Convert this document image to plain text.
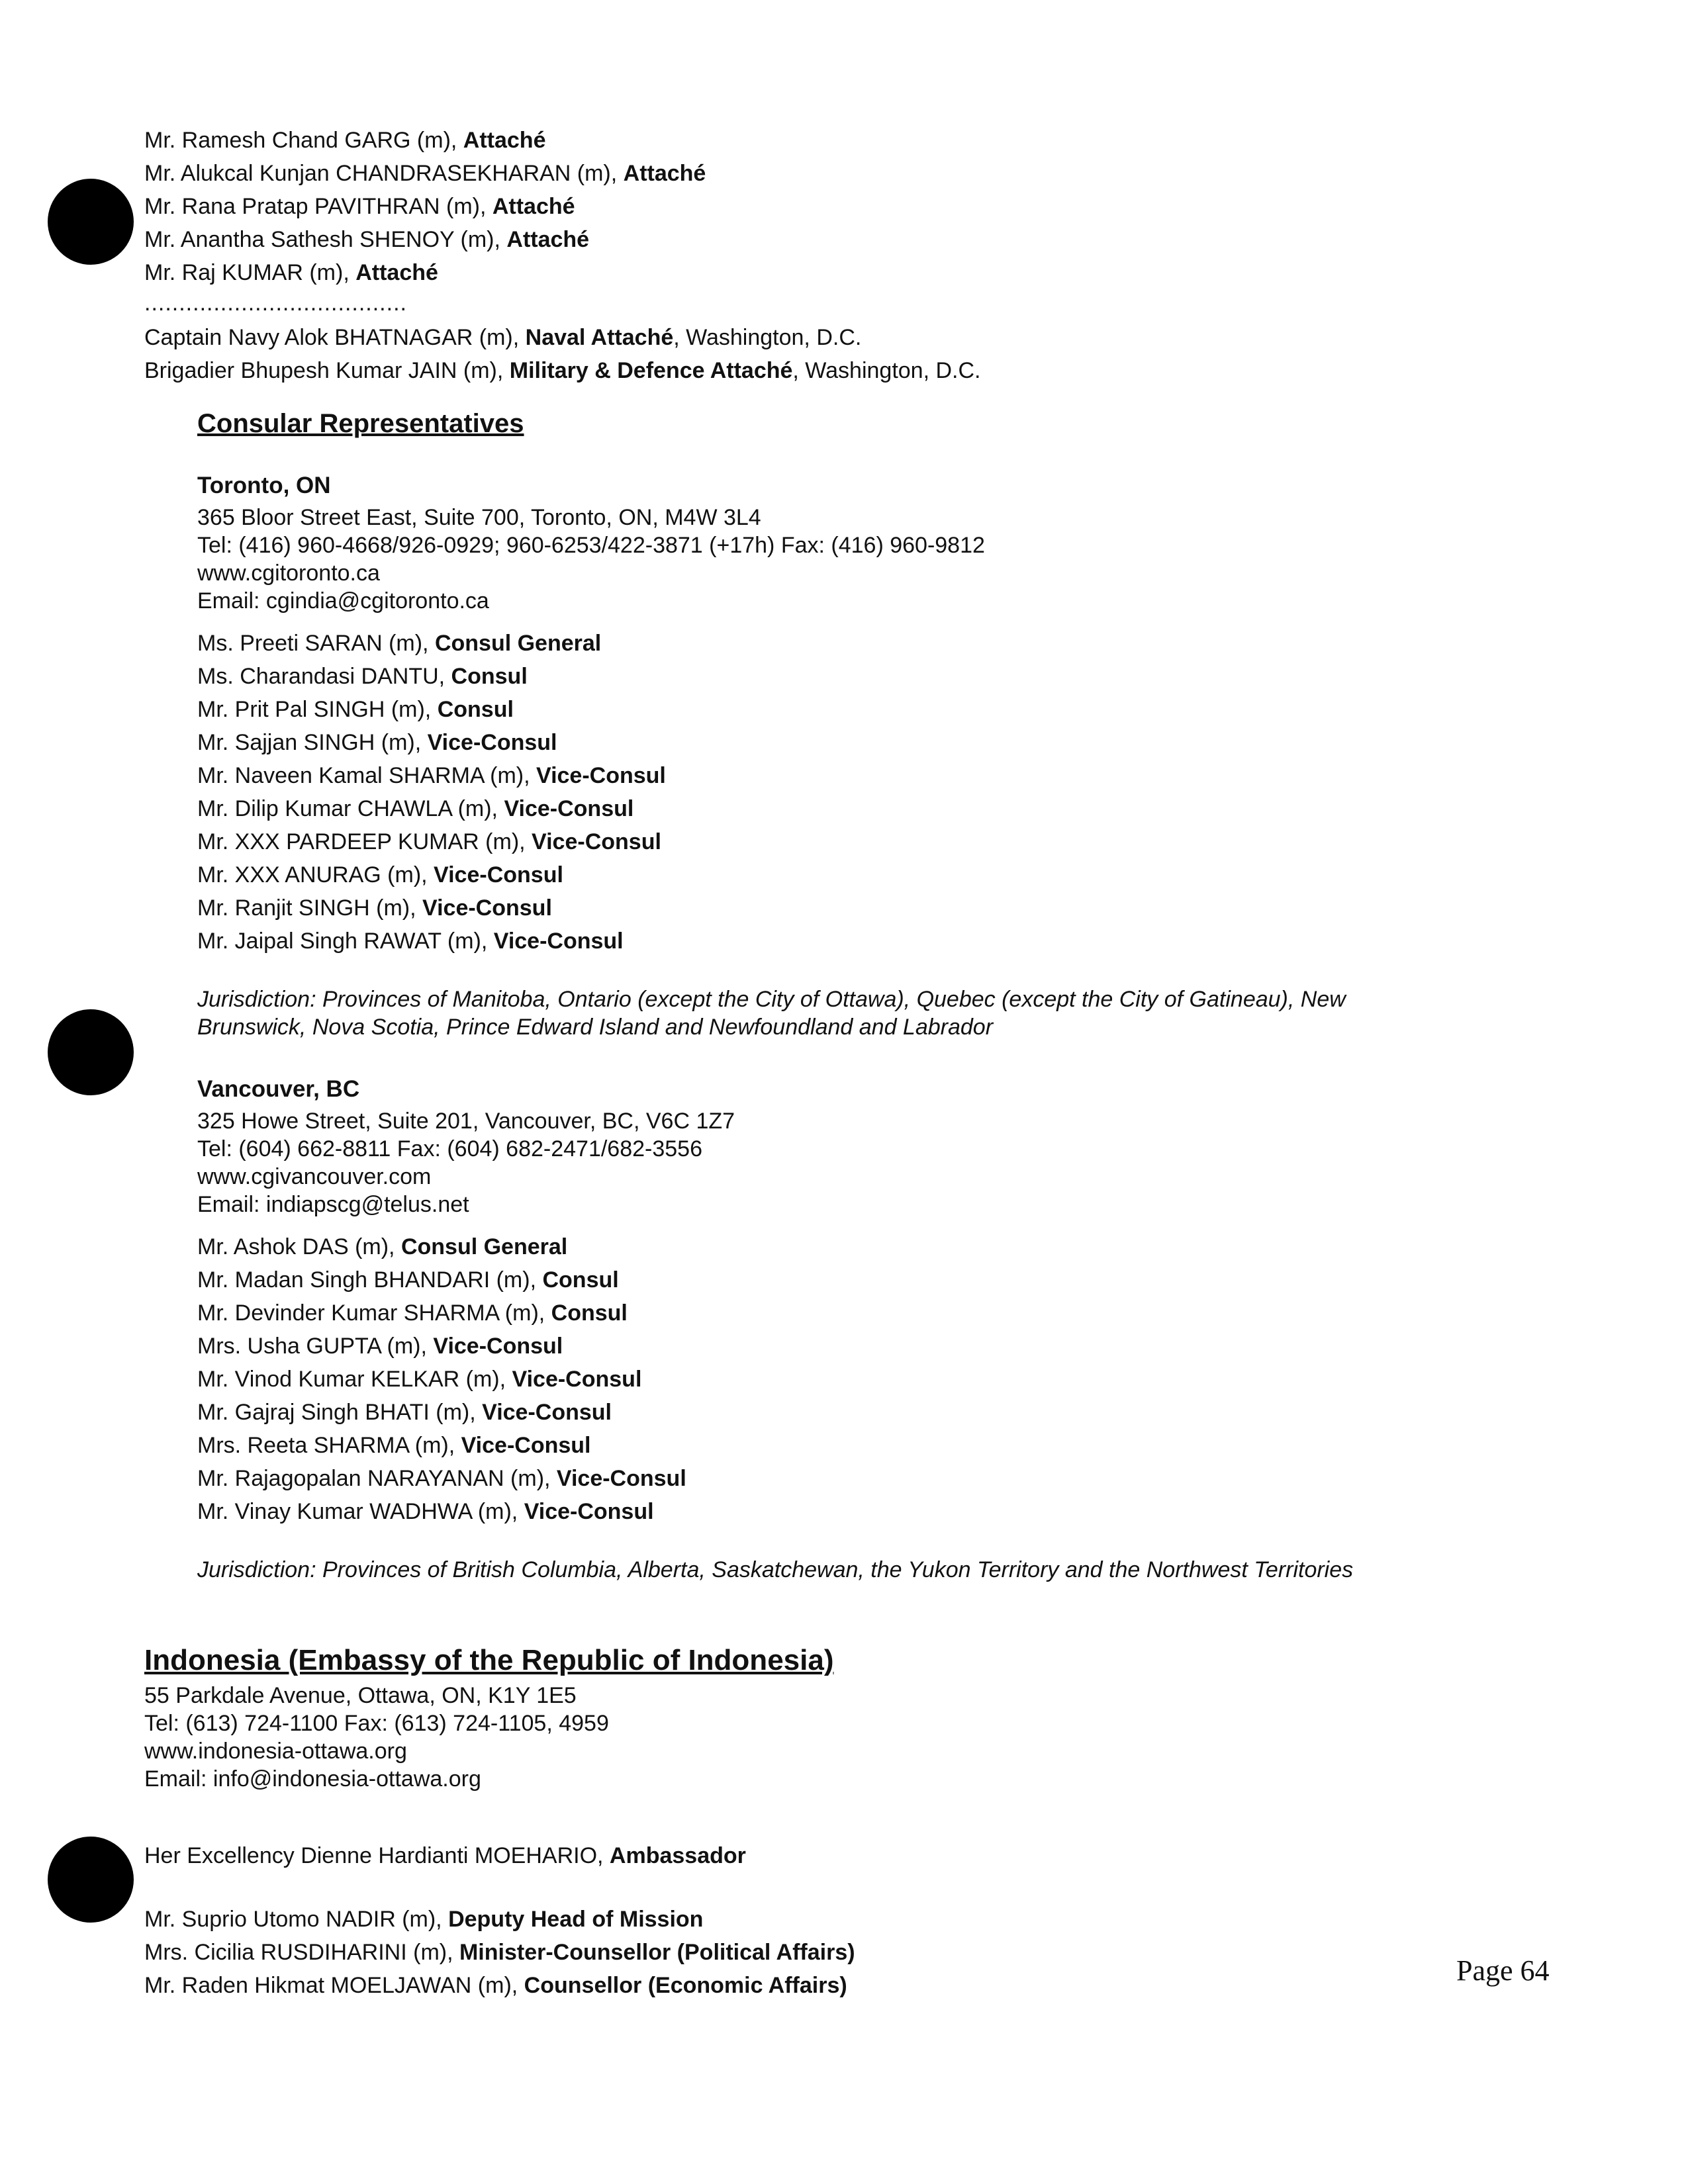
Mr. Ramesh Chand GARG (m), Attaché
Mr. Alukcal Kunjan CHANDRASEKHARAN (m), Attaché
Mr. Rana Pratap PAVITHRAN (m), Attaché
Mr. Anantha Sathesh SHENOY (m), Attaché
Mr. Raj KUMAR (m), Attaché
......................................
Captain Navy Alok BHATNAGAR (m), Naval Attaché, Washington, D.C.
Brigadier Bhupesh Kumar JAIN (m), Military & Defence Attaché, Washington, D.C.
Consular Representatives
Toronto, ON
365 Bloor Street East, Suite 700, Toronto, ON, M4W 3L4
Tel: (416) 960-4668/926-0929; 960-6253/422-3871 (+17h) Fax: (416) 960-9812
www.cgitoronto.ca
Email: cgindia@cgitoronto.ca
Ms. Preeti SARAN (m), Consul General
Ms. Charandasi DANTU, Consul
Mr. Prit Pal SINGH (m), Consul
Mr. Sajjan SINGH (m), Vice-Consul
Mr. Naveen Kamal SHARMA (m), Vice-Consul
Mr. Dilip Kumar CHAWLA (m), Vice-Consul
Mr. XXX PARDEEP KUMAR (m), Vice-Consul
Mr. XXX ANURAG (m), Vice-Consul
Mr. Ranjit SINGH (m), Vice-Consul
Mr. Jaipal Singh RAWAT (m), Vice-Consul
Jurisdiction: Provinces of Manitoba, Ontario (except the City of Ottawa), Quebec (except the City of Gatineau), New
Brunswick, Nova Scotia, Prince Edward Island and Newfoundland and Labrador
Vancouver, BC
325 Howe Street, Suite 201, Vancouver, BC, V6C 1Z7
Tel: (604) 662-8811 Fax: (604) 682-2471/682-3556
www.cgivancouver.com
Email: indiapscg@telus.net
Mr. Ashok DAS (m), Consul General
Mr. Madan Singh BHANDARI (m), Consul
Mr. Devinder Kumar SHARMA (m), Consul
Mrs. Usha GUPTA (m), Vice-Consul
Mr. Vinod Kumar KELKAR (m), Vice-Consul
Mr. Gajraj Singh BHATI (m), Vice-Consul
Mrs. Reeta SHARMA (m), Vice-Consul
Mr. Rajagopalan NARAYANAN (m), Vice-Consul
Mr. Vinay Kumar WADHWA (m), Vice-Consul
Jurisdiction: Provinces of British Columbia, Alberta, Saskatchewan, the Yukon Territory and the Northwest Territories
Indonesia (Embassy of the Republic of Indonesia)
55 Parkdale Avenue, Ottawa, ON, K1Y 1E5
Tel: (613) 724-1100 Fax: (613) 724-1105, 4959
www.indonesia-ottawa.org
Email: info@indonesia-ottawa.org
Her Excellency Dienne Hardianti MOEHARIO, Ambassador
Mr. Suprio Utomo NADIR (m), Deputy Head of Mission
Mrs. Cicilia RUSDIHARINI (m), Minister-Counsellor (Political Affairs)
Mr. Raden Hikmat MOELJAWAN (m), Counsellor (Economic Affairs)	Page 64
